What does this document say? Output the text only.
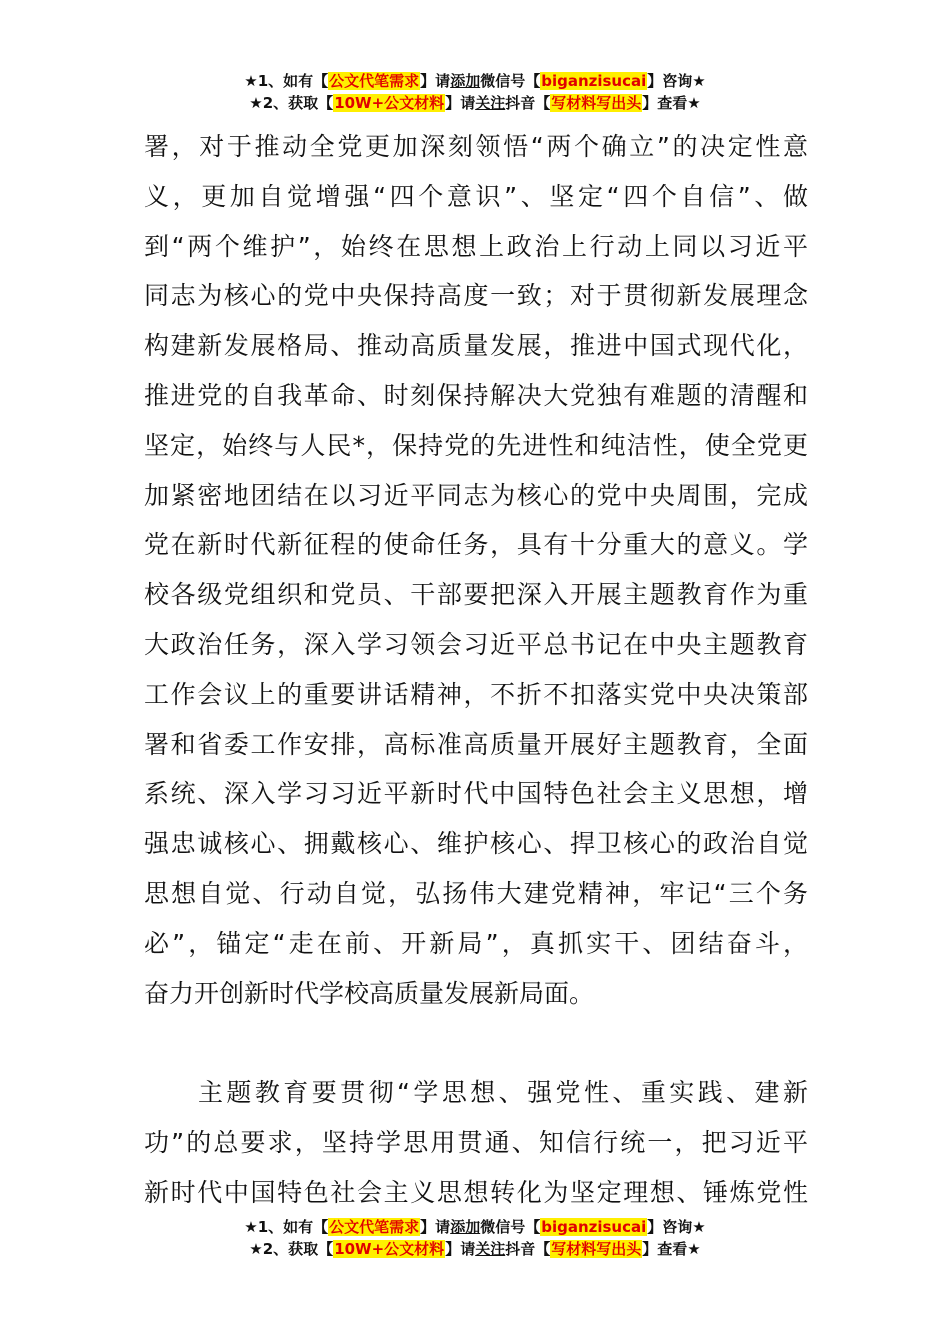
★1、如有【公文代笔需求】请添加微信号【biganzisucai】咨询★
★2、获取【10W+公文材料】请关注抖音【写材料写出头】查看★
署，对于推动全党更加深刻领悟“两个确立”的决定性意
义，更加自觉增强“四个意识”、坚定“四个自信”、做
到“两个维护”，始终在思想上政治上行动上同以习近平
同志为核心的党中央保持高度一致；对于贯彻新发展理念
构建新发展格局、推动高质量发展，推进中国式现代化，
推进党的自我革命、时刻保持解决大党独有难题的清醒和
坚定，始终与人民*，保持党的先进性和纯洁性，使全党更
加紧密地团结在以习近平同志为核心的党中央周围，完成
党在新时代新征程的使命任务，具有十分重大的意义。学
校各级党组织和党员、干部要把深入开展主题教育作为重
大政治任务，深入学习领会习近平总书记在中央主题教育
工作会议上的重要讲话精神，不折不扣落实党中央决策部
署和省委工作安排，高标准高质量开展好主题教育，全面
系统、深入学习习近平新时代中国特色社会主义思想，增
强忠诚核心、拥戴核心、维护核心、捍卫核心的政治自觉
思想自觉、行动自觉，弘扬伟大建党精神，牢记“三个务
必”，锚定“走在前、开新局”，真抓实干、团结奋斗，
奋力开创新时代学校高质量发展新局面。
主题教育要贯彻“学思想、强党性、重实践、建新
功”的总要求，坚持学思用贯通、知信行统一，把习近平
新时代中国特色社会主义思想转化为坚定理想、锤炼党性
★1、如有【公文代笔需求】请添加微信号【biganzisucai】咨询★
★2、获取【10W+公文材料】请关注抖音【写材料写出头】查看★
